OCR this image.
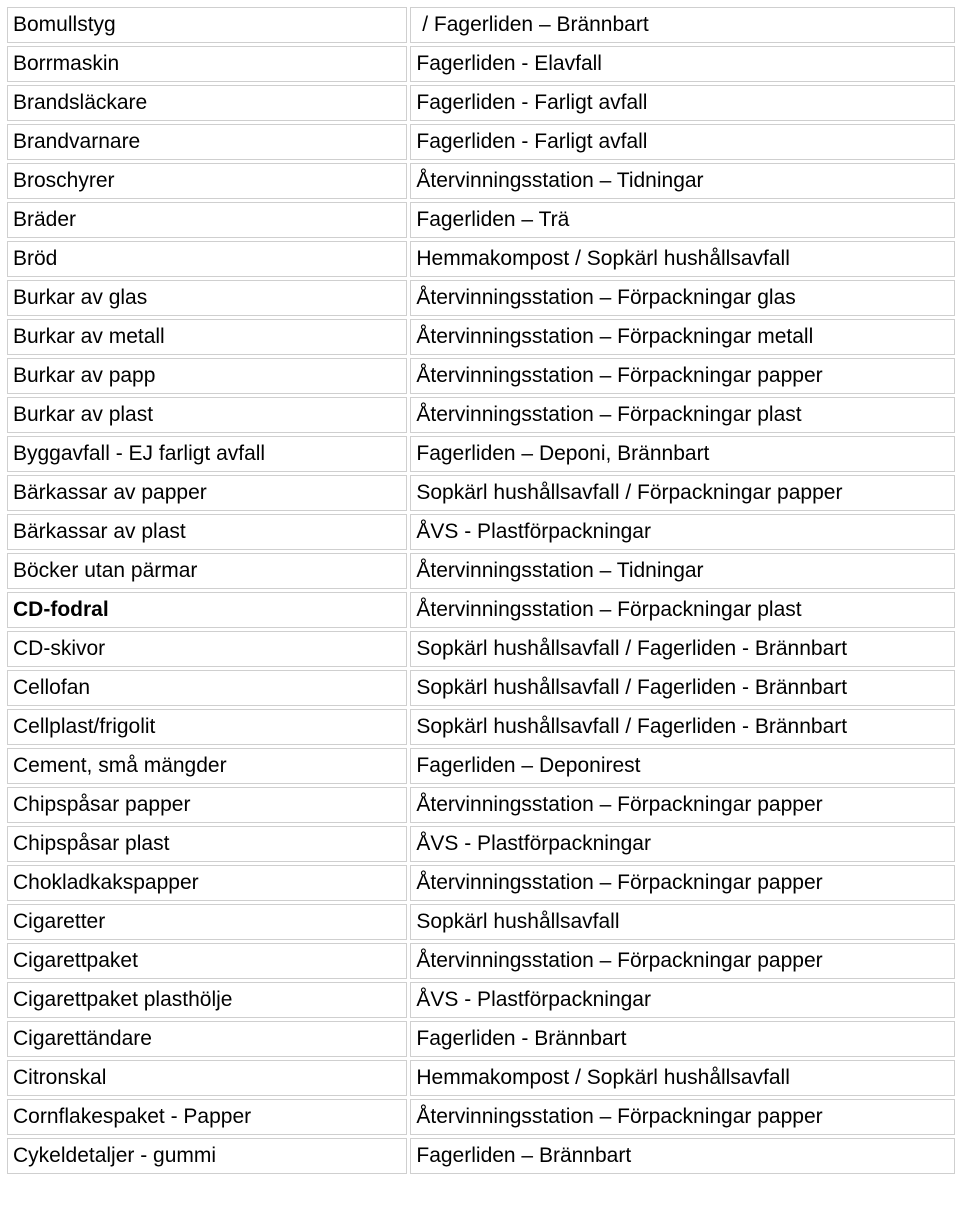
Bomullstyg	/ Fagerliden – Brännbart
Borrmaskin	Fagerliden - Elavfall
Brandsläckare	Fagerliden - Farligt avfall
Brandvarnare	Fagerliden - Farligt avfall
Broschyrer	Återvinningsstation – Tidningar
Bräder	Fagerliden – Trä
Bröd	Hemmakompost / Sopkärl hushållsavfall
Burkar av glas	Återvinningsstation – Förpackningar glas
Burkar av metall	Återvinningsstation – Förpackningar metall
Burkar av papp	Återvinningsstation – Förpackningar papper
Burkar av plast	Återvinningsstation – Förpackningar plast
Byggavfall - EJ farligt avfall	Fagerliden – Deponi, Brännbart
Bärkassar av papper	Sopkärl hushållsavfall / Förpackningar papper
Bärkassar av plast	ÅVS - Plastförpackningar
Böcker utan pärmar	Återvinningsstation – Tidningar
CD-fodral	Återvinningsstation – Förpackningar plast
CD-skivor	Sopkärl hushållsavfall / Fagerliden - Brännbart
Cellofan	Sopkärl hushållsavfall / Fagerliden - Brännbart
Cellplast/frigolit	Sopkärl hushållsavfall / Fagerliden - Brännbart
Cement, små mängder	Fagerliden – Deponirest
Chipspåsar papper	Återvinningsstation – Förpackningar papper
Chipspåsar plast	ÅVS - Plastförpackningar
Chokladkakspapper	Återvinningsstation – Förpackningar papper
Cigaretter	Sopkärl hushållsavfall
Cigarettpaket	Återvinningsstation – Förpackningar papper
Cigarettpaket plasthölje	ÅVS - Plastförpackningar
Cigarettändare	Fagerliden - Brännbart
Citronskal	Hemmakompost / Sopkärl hushållsavfall
Cornflakespaket - Papper	Återvinningsstation – Förpackningar papper
Cykeldetaljer - gummi	Fagerliden – Brännbart
